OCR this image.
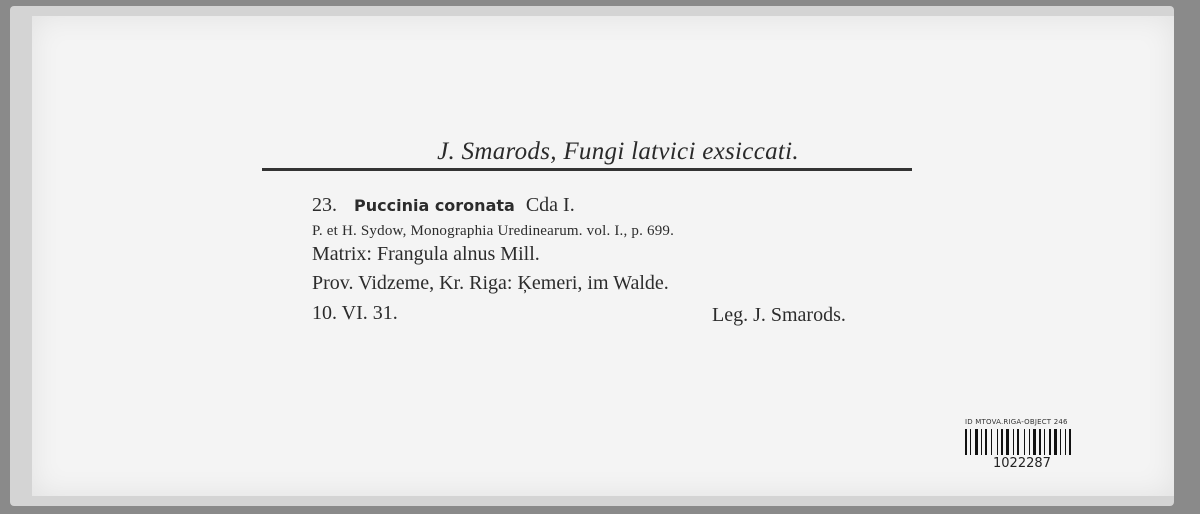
J. Smarods, Fungi latvici exsiccati.
23. Puccinia coronata Cda I.
P. et H. Sydow, Monographia Uredinearum. vol. I., p. 699.
Matrix: Frangula alnus Mill.
Prov. Vidzeme, Kr. Riga: Ķemeri, im Walde.
10. VI. 31.	Leg. J. Smarods.
ID MTOVA.RIGA-OBJECT 246
1022287
